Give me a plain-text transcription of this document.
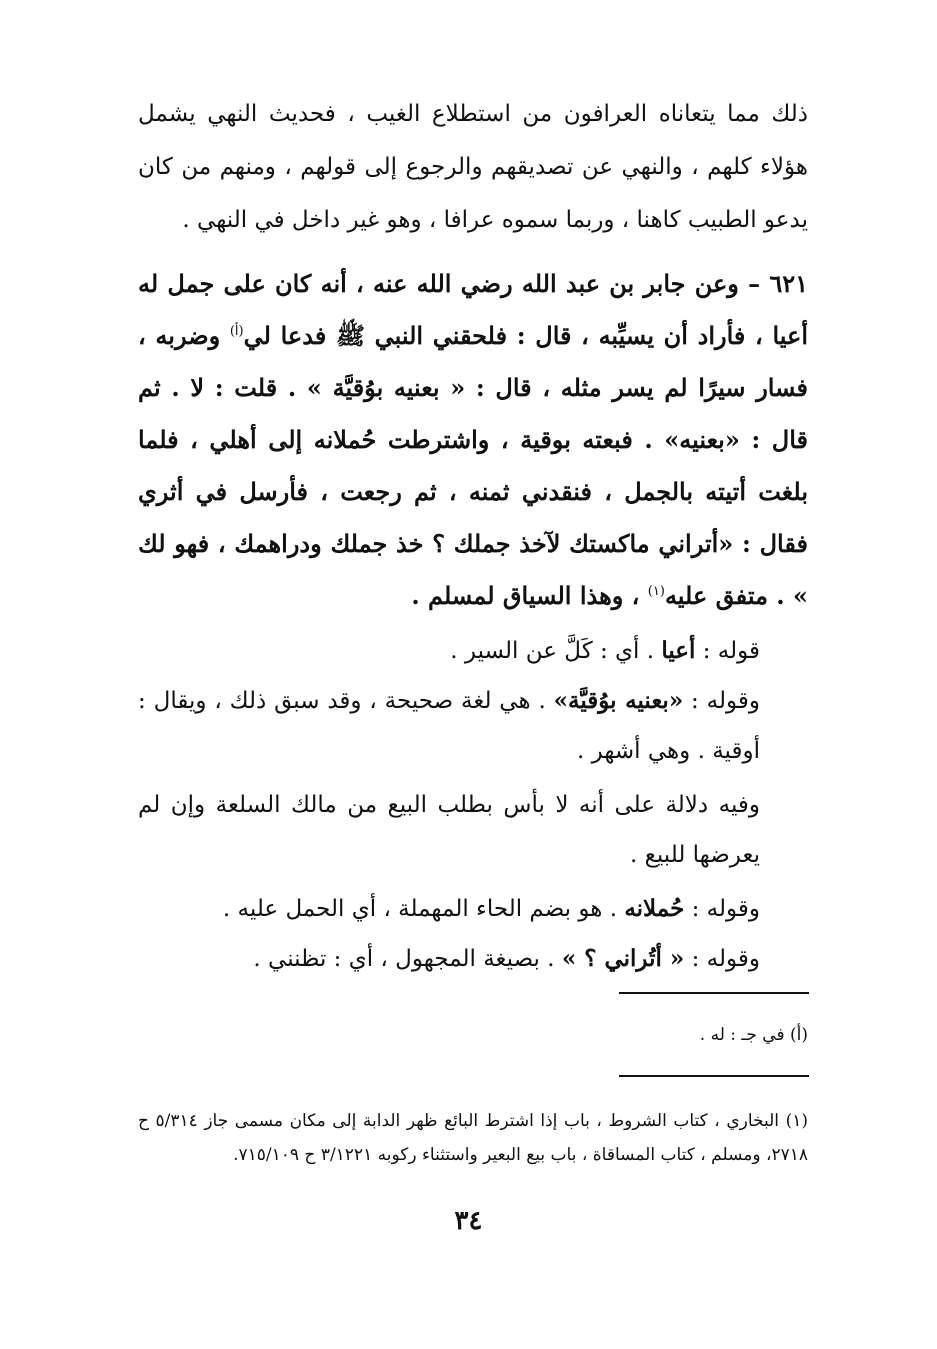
ذلك مما يتعاناه العرافون من استطلاع الغيب ، فحديث النهي يشمل هؤلاء كلهم ، والنهي عن تصديقهم والرجوع إلى قولهم ، ومنهم من كان يدعو الطبيب كاهنا ، وربما سموه عرافا ، وهو غير داخل في النهي .

٦٢١ – وعن جابر بن عبد الله رضي الله عنه ، أنه كان على جمل له أعيا ، فأراد أن يسيِّبه ، قال : فلحقني النبي ﷺ فدعا لي$^{(أ)}$ وضربه ، فسار سيرًا لم يسر مثله ، قال : « بعنيه بوُقيَّة » . قلت : لا . ثم قال : «بعنيه» . فبعته بوقية ، واشترطت حُملانه إلى أهلي ، فلما بلغت أتيته بالجمل ، فنقدني ثمنه ، ثم رجعت ، فأرسل في أثري فقال : «أتراني ماكستك لآخذ جملك ؟ خذ جملك ودراهمك ، فهو لك » . متفق عليه$^{(١)}$ ، وهذا السياق لمسلم .

قوله : أعيا . أي : كَلَّ عن السير .

وقوله : «بعنيه بوُقيَّة» . هي لغة صحيحة ، وقد سبق ذلك ، ويقال : أوقية . وهي أشهر .

وفيه دلالة على أنه لا بأس بطلب البيع من مالك السلعة وإن لم يعرضها للبيع .

وقوله : حُملانه . هو بضم الحاء المهملة ، أي الحمل عليه .

وقوله : « أتُراني ؟ » . بصيغة المجهول ، أي : تظنني .

(أ) في جـ : له .

(١) البخاري ، كتاب الشروط ، باب إذا اشترط البائع ظهر الدابة إلى مكان مسمى جاز ٥/٣١٤ ح ٢٧١٨، ومسلم ، كتاب المساقاة ، باب بيع البعير واستثناء ركوبه ٣/١٢٢١ ح ٧١٥/١٠٩.

٣٤
